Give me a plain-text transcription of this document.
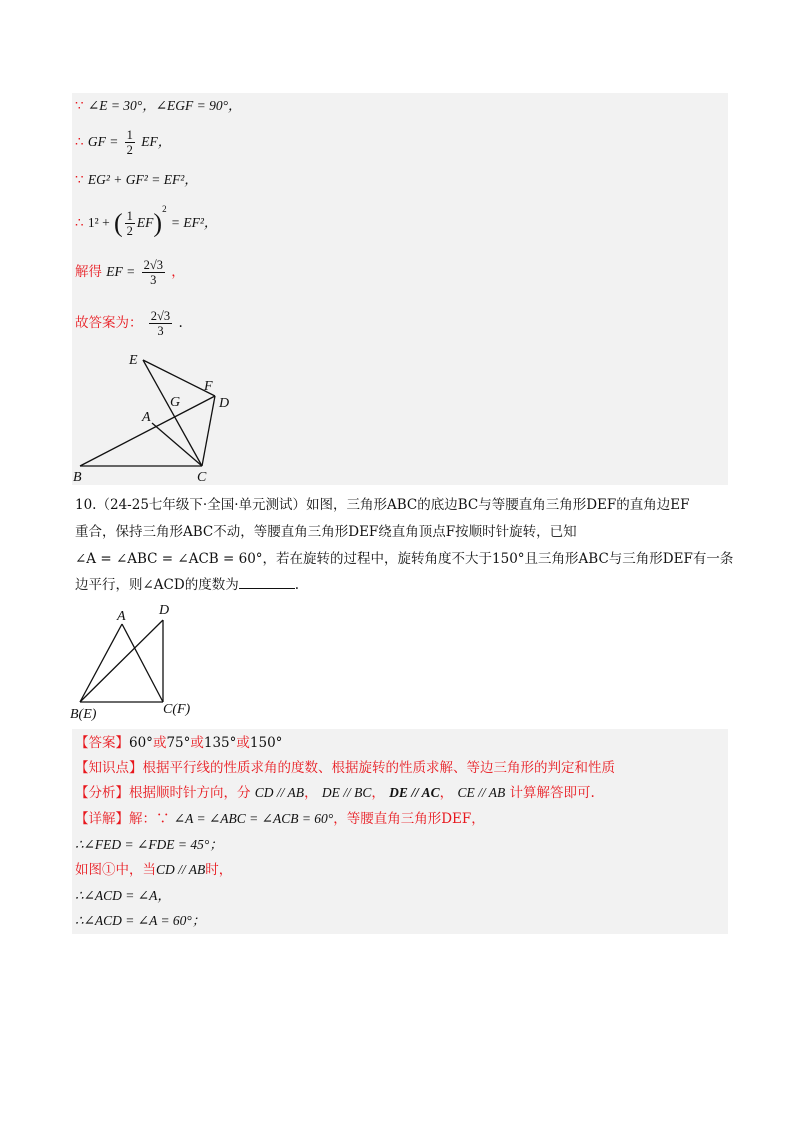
∵ ∠E = 30°，∠EGF = 90°，
∴ GF = $\frac{1}{2}$ EF，
∵ EG² + GF² = EF²，
∴ 1² + ( $\frac{1}{2} EF)^2 = EF^2$，
解得 EF = $\frac{2√3}{3}$ ，
故答案为： $\frac{2√3}{3}$ .
E
F
D
A
G
B	C
D
A
B(E)	C(F)
10.（24-25七年级下·全国·单元测试）如图，三角形ABC的底边BC与等腰直角三角形DEF的直角边EF
重合，保持三角形ABC不动，等腰直角三角形DEF绕直角顶点F按顺时针旋转，已知
∠A = ∠ABC = ∠ACB = 60°，若在旋转的过程中，旋转角度不大于150°且三角形ABC与三角形DEF有一条
边平行，则∠ACD的度数为	.
【答案】60°或75°或135°或150°
【知识点】根据平行线的性质求角的度数、根据旋转的性质求解、等边三角形的判定和性质
【分析】根据顺时针方向，分 CD // AB， DE // BC， DE // AC， CE // AB 计算解答即可.
【详解】解：∵ ∠A = ∠ABC = ∠ACB = 60°，等腰直角三角形DEF，
∴∠FED = ∠FDE = 45°；
如图①中，当CD // AB时，
∴∠ACD = ∠A，
∴∠ACD = ∠A = 60°；
